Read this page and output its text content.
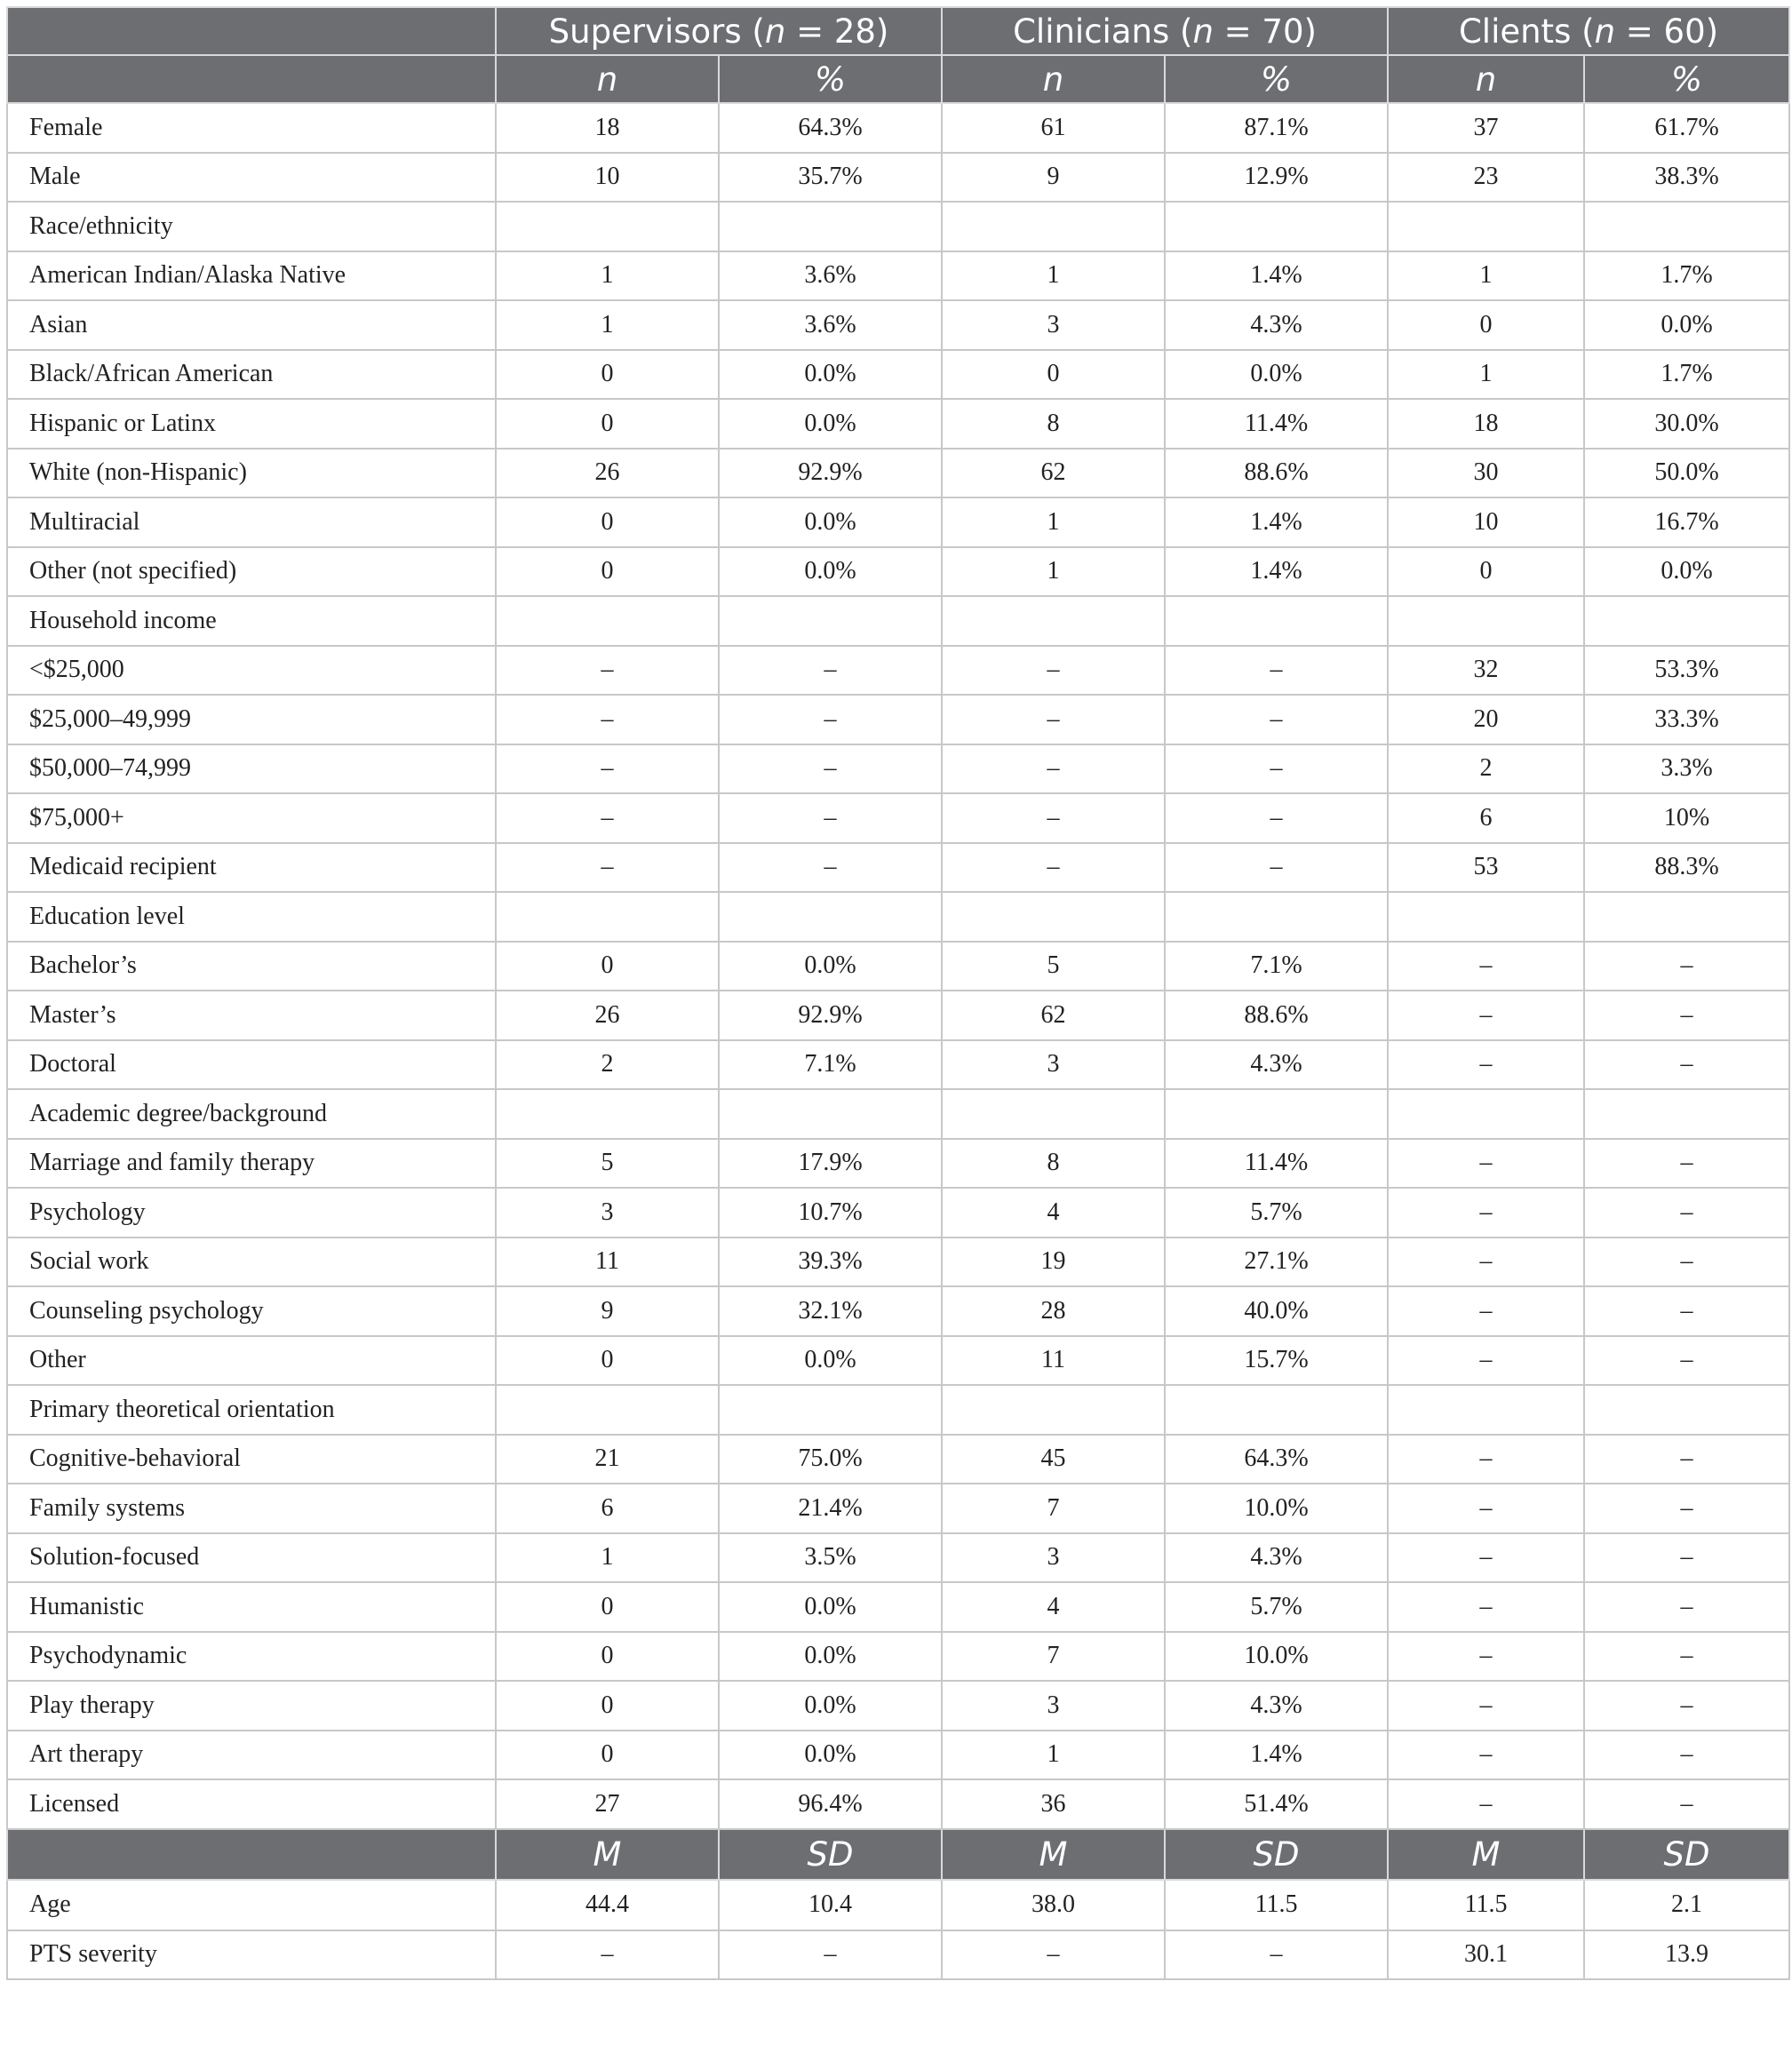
	Supervisors (n = 28)		Clinicians (n = 70)		Clients (n = 60)	
	n	%	n	%	n	%
Female	18	64.3%	61	87.1%	37	61.7%
Male	10	35.7%	9	12.9%	23	38.3%
Race/ethnicity						
American Indian/Alaska Native	1	3.6%	1	1.4%	1	1.7%
Asian	1	3.6%	3	4.3%	0	0.0%
Black/African American	0	0.0%	0	0.0%	1	1.7%
Hispanic or Latinx	0	0.0%	8	11.4%	18	30.0%
White (non-Hispanic)	26	92.9%	62	88.6%	30	50.0%
Multiracial	0	0.0%	1	1.4%	10	16.7%
Other (not specified)	0	0.0%	1	1.4%	0	0.0%
Household income						
<$25,000	–	–	–	–	32	53.3%
$25,000–49,999	–	–	–	–	20	33.3%
$50,000–74,999	–	–	–	–	2	3.3%
$75,000+	–	–	–	–	6	10%
Medicaid recipient	–	–	–	–	53	88.3%
Education level						
Bachelor’s	0	0.0%	5	7.1%	–	–
Master’s	26	92.9%	62	88.6%	–	–
Doctoral	2	7.1%	3	4.3%	–	–
Academic degree/background						
Marriage and family therapy	5	17.9%	8	11.4%	–	–
Psychology	3	10.7%	4	5.7%	–	–
Social work	11	39.3%	19	27.1%	–	–
Counseling psychology	9	32.1%	28	40.0%	–	–
Other	0	0.0%	11	15.7%	–	–
Primary theoretical orientation						
Cognitive-behavioral	21	75.0%	45	64.3%	–	–
Family systems	6	21.4%	7	10.0%	–	–
Solution-focused	1	3.5%	3	4.3%	–	–
Humanistic	0	0.0%	4	5.7%	–	–
Psychodynamic	0	0.0%	7	10.0%	–	–
Play therapy	0	0.0%	3	4.3%	–	–
Art therapy	0	0.0%	1	1.4%	–	–
Licensed	27	96.4%	36	51.4%	–	–
	M	SD	M	SD	M	SD
Age	44.4	10.4	38.0	11.5	11.5	2.1
PTS severity	–	–	–	–	30.1	13.9
